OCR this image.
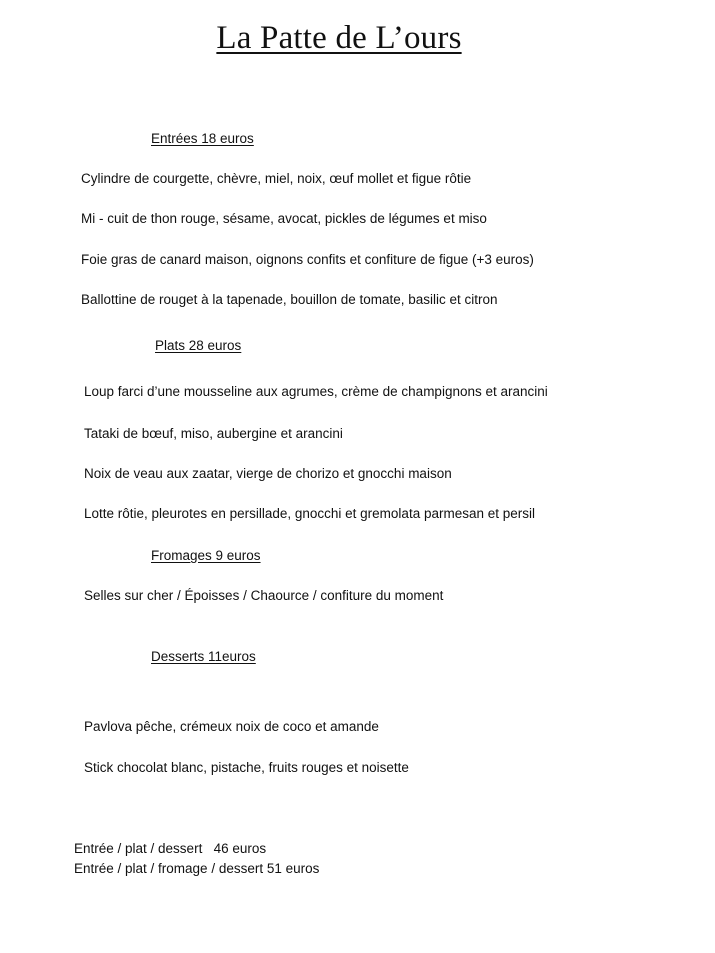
La Patte de L’ours
Entrées 18 euros
Cylindre de courgette, chèvre, miel, noix, œuf mollet et figue rôtie
Mi - cuit de thon rouge, sésame, avocat, pickles de légumes et miso
Foie gras de canard maison, oignons confits et confiture de figue (+3 euros)
Ballottine de rouget à la tapenade, bouillon de tomate, basilic et citron
Plats 28 euros
Loup farci d’une mousseline aux agrumes, crème de champignons et arancini
Tataki de bœuf, miso, aubergine et arancini
Noix de veau aux zaatar, vierge de chorizo et gnocchi maison
Lotte rôtie, pleurotes en persillade, gnocchi et gremolata parmesan et persil
Fromages 9 euros
Selles sur cher / Époisses / Chaource / confiture du moment
Desserts 11euros
Pavlova pêche, crémeux noix de coco et amande
Stick chocolat blanc, pistache, fruits rouges et noisette
Entrée / plat / dessert   46 euros
Entrée / plat / fromage / dessert 51 euros
